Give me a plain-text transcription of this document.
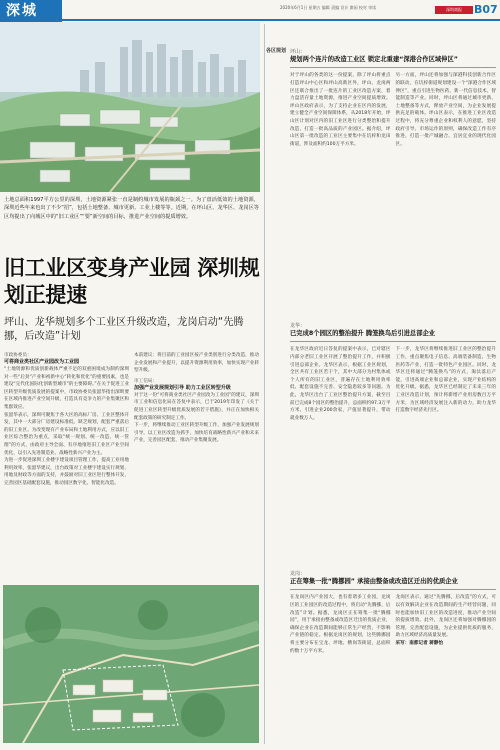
深城	2020年6月1日 星期五 编辑 责编 设计 廖园 校对 审读	深圳商报	B07
土地总面积1997平方公里的深圳，土地资源紧张一直是制约城市发展的瓶颈之一。为了盘活低效的土地资源，深圳近些年来也出了不少“招”，包括土地整备、城市更新、工业上楼等等。近期，在坪山区、龙华区、龙岗区等区均提出了向城区中的“旧工业区”“要”新空间的目标，推进产业空间的提质增效。
旧工业区变身产业园 深圳规划正提速
坪山、龙华规划多个工业区升级改造，龙岗启动“先腾挪，后改造”计划
市政协委员：
可将商业类社区产业园改为工业园

“土地资源和优质创新载体严重不足的双重困境成为制约深圳对一些“后劲”产业和初新中心“转化和优化”的重要因素，也是建设“完代化国际化创新型城市”的主要障碍。”在关于促进工业区转型升级优质发展的提案中，市政协委员张韶华指出深圳要在区域内推进产业空间升级，打造具有竞争力的产业集聚区和集群效应。

张韶华表示，深圳可聚焦于各大区的高标厂房、工业区整体开发，其中一大部分厂房建设标准低，缺乏规划，配套严重落后的旧工业区。为改变现有产业布局和土地利用方式，应以旧工业区综合整治为重点，采取“统一规划、统一改造、统一管理”的方式，由政府主导全面、有序地推进旧工业区产业空间优化，以引入先进制造业、战略性新兴产业为主。

为进一步促进深圳工业楼宇建设项目管理工作，提高工业用地利用效率，张韶华建议，出台政策对工业楼宇建设实行规划、用地及财政等方面的支持，并鼓励对旧工业区进行整体开发，完善园区基础配套设施，推动园区数字化、智能化改造。

本前建议：将目前的工业园区按产业类别进行分类改造，推动企业发展和产业提升，以提升资源利用效率，加快实现产业转型升级。

市工信局：
加强产业发展规划引导 助力工业区转型升级

对于这一份“可将商业类社区产业园改为工业园”的建议，深圳市工业和信息化局在答复中表示，已于2019年印发了《关于促进工业区转型升级优质发展的若干措施》，并正在加快相关配套政策的研究制定工作。

下一步，将继续推动工业区转型升级工作，加强产业发展规划引导，以工业区改造为抓手，加快培育战略性新兴产业和未来产业，完善园区配套，推动产业集聚发展。

各区规划 坪山：
规划两个连片的改造工业区 锁定北重建“深港合作区域伸区”

对于坪山的各类的这一份提案，除了坪山将重点打造坪山中心区和坪山高新区外，坪山、龙岗两区还联合推出了一批连片的工业区改造方案，着力盘活存量土地资源，推进产业空间提质增效。坪山区政府表示，为了支持企业在区内的发展，建立健全产业空间保障体系，从2018年开始，坪山区计划对区内的旧工业区进行分类整治和提升改造，打造一批高品质的产业园区。据介绍，坪山区第一批改造的工业区主要集中在坑梓和龙田街道，涉及面积约100万平方米。

另一方面，坪山还将加强与深港科技创新合作区的联动，在坑梓街道规划建设一个“深港合作区域伸区”，重点引进生物医药、新一代信息技术、智能制造等产业。同时，坪山区将通过城市更新、土地整备等方式，释放产业空间，为企业发展提供充足的载体。坪山区表示，在推进工业区改造过程中，将充分尊重企业和权利人的意愿，坚持政府引导、市场运作的原则，确保改造工作有序推进，打造一批产城融合、宜居宜业的现代化园区。

龙华：
已完成8个园区的整治提升 腾笼换鸟后引进总部企业

在龙华区政府近日答复的提案中表示，已对辖区内部分老旧工业区开展了整治提升工作，并积极引进总部企业。龙华区表示，根据工业区规划，全区共有工业区若干个，其中大部分为村集体或个人所有的旧工业区，普遍存在土地利用效率低、配套设施不完善、安全隐患较多等问题。为此，龙华区出台了工业区整治提升方案，截至目前已完成8个园区的整治提升，总面积约97.3万平方米，引进企业200余家，产值显著提升，带动就业数万人。

下一步，龙华区将继续推进旧工业区的整治提升工作，重点聚焦电子信息、高端装备制造、生物医药等产业，打造一批特色产业园区。同时，龙华区还将通过“腾笼换鸟”的方式，淘汰落后产能，引进高端企业和总部企业，实现产业结构的优化升级。据悉，龙华区已经制定了未来三年的工业区改造计划，预计将新增产业用房数百万平方米，为区域经济发展注入新的动力，助力龙华打造数字经济先行区。

龙岗：
正在筹集一批“腾挪园” 承接由整备或改造区迁出的优质企业

在龙岗区内产业园大，也有着诸多工业园，龙岗区的工业园区的改造过程中，将启动“先腾挪，后改造”计划。据悉，龙岗区正在筹集一批“腾挪园”，用于承接由整备或改造区迁出的优质企业，确保企业在改造期间能够正常生产经营，不影响产业链的稳定。根据龙岗区的规划，这些腾挪园将主要分布在宝龙、坪地、横岗等街道，总面积约数十万平方米。

龙岗区表示，通过“先腾挪，后改造”的方式，可以有效解决企业在改造期间的生产经营问题，同时也能加快旧工业区的改造进度，推动产业空间的提质增效。此外，龙岗区还将加强对腾挪园的管理，完善配套设施，为企业提供优质的服务，助力区域经济高质量发展。

采写：南都记者 蒋静怡
